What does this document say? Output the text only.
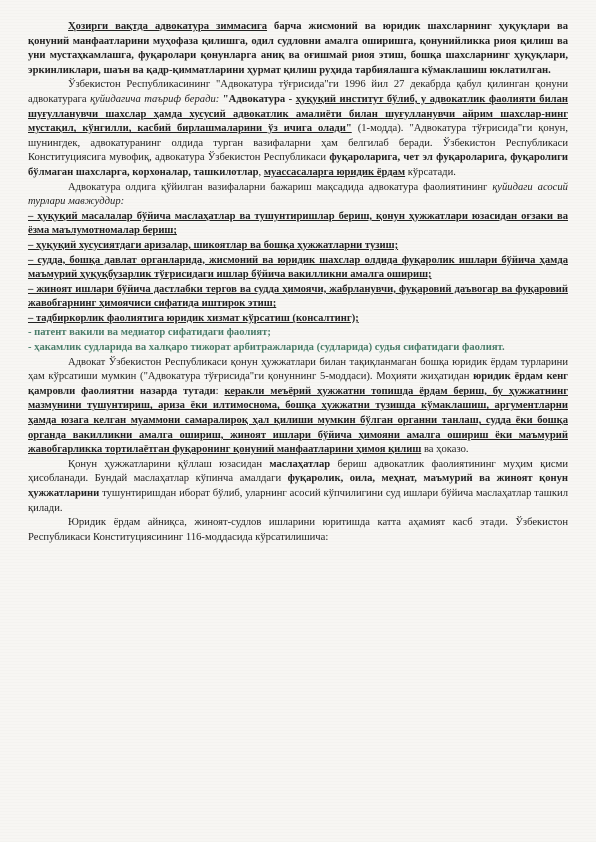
Ҳозирги вақтда адвокатура зиммасига барча жисмоний ва юридик шахсларнинг ҳуқуқлари ва қонуний манфаатларини муҳофаза қилишга, одил судловни амалга оширишга, қонунийликка риоя қилиш ва уни мустаҳкамлашга, фуқаролари қонунларга аниқ ва оғишмай риоя этиш, бошқа шахсларнинг ҳуқуқлари, эркинликлари, шаън ва қадр-қимматларини ҳурмат қилиш руҳида тарбиялашга кўмаклашиш юклатилган.

Ўзбекистон Республикасининг "Адвокатура тўғрисида"ги 1996 йил 27 декабрда қабул қилинган қонуни адвокатурага қуйидагича таъриф беради: "Адвокатура - ҳуқуқий институт бўлиб, у адвокатлик фаолияти билан шуғулланувчи шахслар ҳамда хусусий адвокатлик амалиёти билан шуғулланувчи айрим шахслар-нинг мустақил, кўнгилли, касбий бирлашмаларини ўз ичига олади" (1-модда). "Адвокатура тўғрисида"ги қонун, шунингдек, адвокатуранинг олдида турган вазифаларни ҳам белгилаб беради. Ўзбекистон Республикаси Конституциясига мувофиқ, адвокатура Ўзбекистон Республикаси фуқароларига, чет эл фуқароларига, фуқаролиги бўлмаган шахсларга, корхоналар, ташкилотлар, муассасаларга юридик ёрдам кўрсатади.

Адвокатура олдига қўйилган вазифаларни бажариш мақсадида адвокатура фаолиятининг қуйидаги асосий турлари мавжуддир:

– ҳуқуқий масалалар бўйича маслаҳатлар ва тушунтиришлар бериш, қонун ҳужжатлари юзасидан оғзаки ва ёзма маълумотномалар бериш;

– ҳуқуқий хусусиятдаги аризалар, шикоятлар ва бошқа ҳужжатларни тузиш;

– судда, бошқа давлат органларида, жисмоний ва юридик шахслар олдида фуқаролик ишлари бўйича ҳамда маъмурий ҳуқуқбузарлик тўғрисидаги ишлар бўйича вакилликни амалга ошириш;

– жиноят ишлари бўйича дастлабки тергов ва судда ҳимоячи, жабрланувчи, фуқаровий даъвогар ва фуқаровий жавобгарнинг ҳимоячиси сифатида иштирок этиш;

– тадбиркорлик фаолиятига юридик хизмат кўрсатиш (консалтинг);

- патент вакили ва медиатор сифатидаги фаолият;

- ҳакамлик судларида ва халқаро тижорат арбитражларида (судларида) судья сифатидаги фаолият.

Адвокат Ўзбекистон Республикаси қонун ҳужжатлари билан тақиқланмаган бошқа юридик ёрдам турларини ҳам кўрсатиши мумкин ("Адвокатура тўғрисида"ги қонуннинг 5-моддаси). Моҳияти жиҳатидан юридик ёрдам кенг қамровли фаолиятни назарда тутади: керакли меъёрий ҳужжатни топишда ёрдам бериш, бу ҳужжатнинг мазмунини тушунтириш, ариза ёки илтимосномa, бошқа ҳужжатни тузишда кўмаклашиш, аргументларни ҳамда юзага келган муаммони самаралироқ ҳал қилиши мумкин бўлган органни танлаш, судда ёки бошқа органда вакилликни амалга ошириш, жиноят ишлари бўйича ҳимояни амалга ошириш ёки маъмурий жавобгарликка тортилаётган фуқаронинг қонуний манфаатларини ҳимоя қилиш ва ҳоказо.

Қонун ҳужжатларини қўллаш юзасидан маслаҳатлар бериш адвокатлик фаолиятининг муҳим қисми ҳисобланади. Бундай маслаҳатлар кўпинча амалдаги фуқаролик, оила, меҳнат, маъмурий ва жиноят қонун ҳужжатларини тушунтиришдан иборат бўлиб, уларнинг асосий кўпчилигини суд ишлари бўйича маслаҳатлар ташкил қилади.

Юридик ёрдам айниқса, жиноят-судлов ишларини юритишда катта аҳамият касб этади. Ўзбекистон Республикаси Конституциясининг 116-моддасида кўрсатилишича:
